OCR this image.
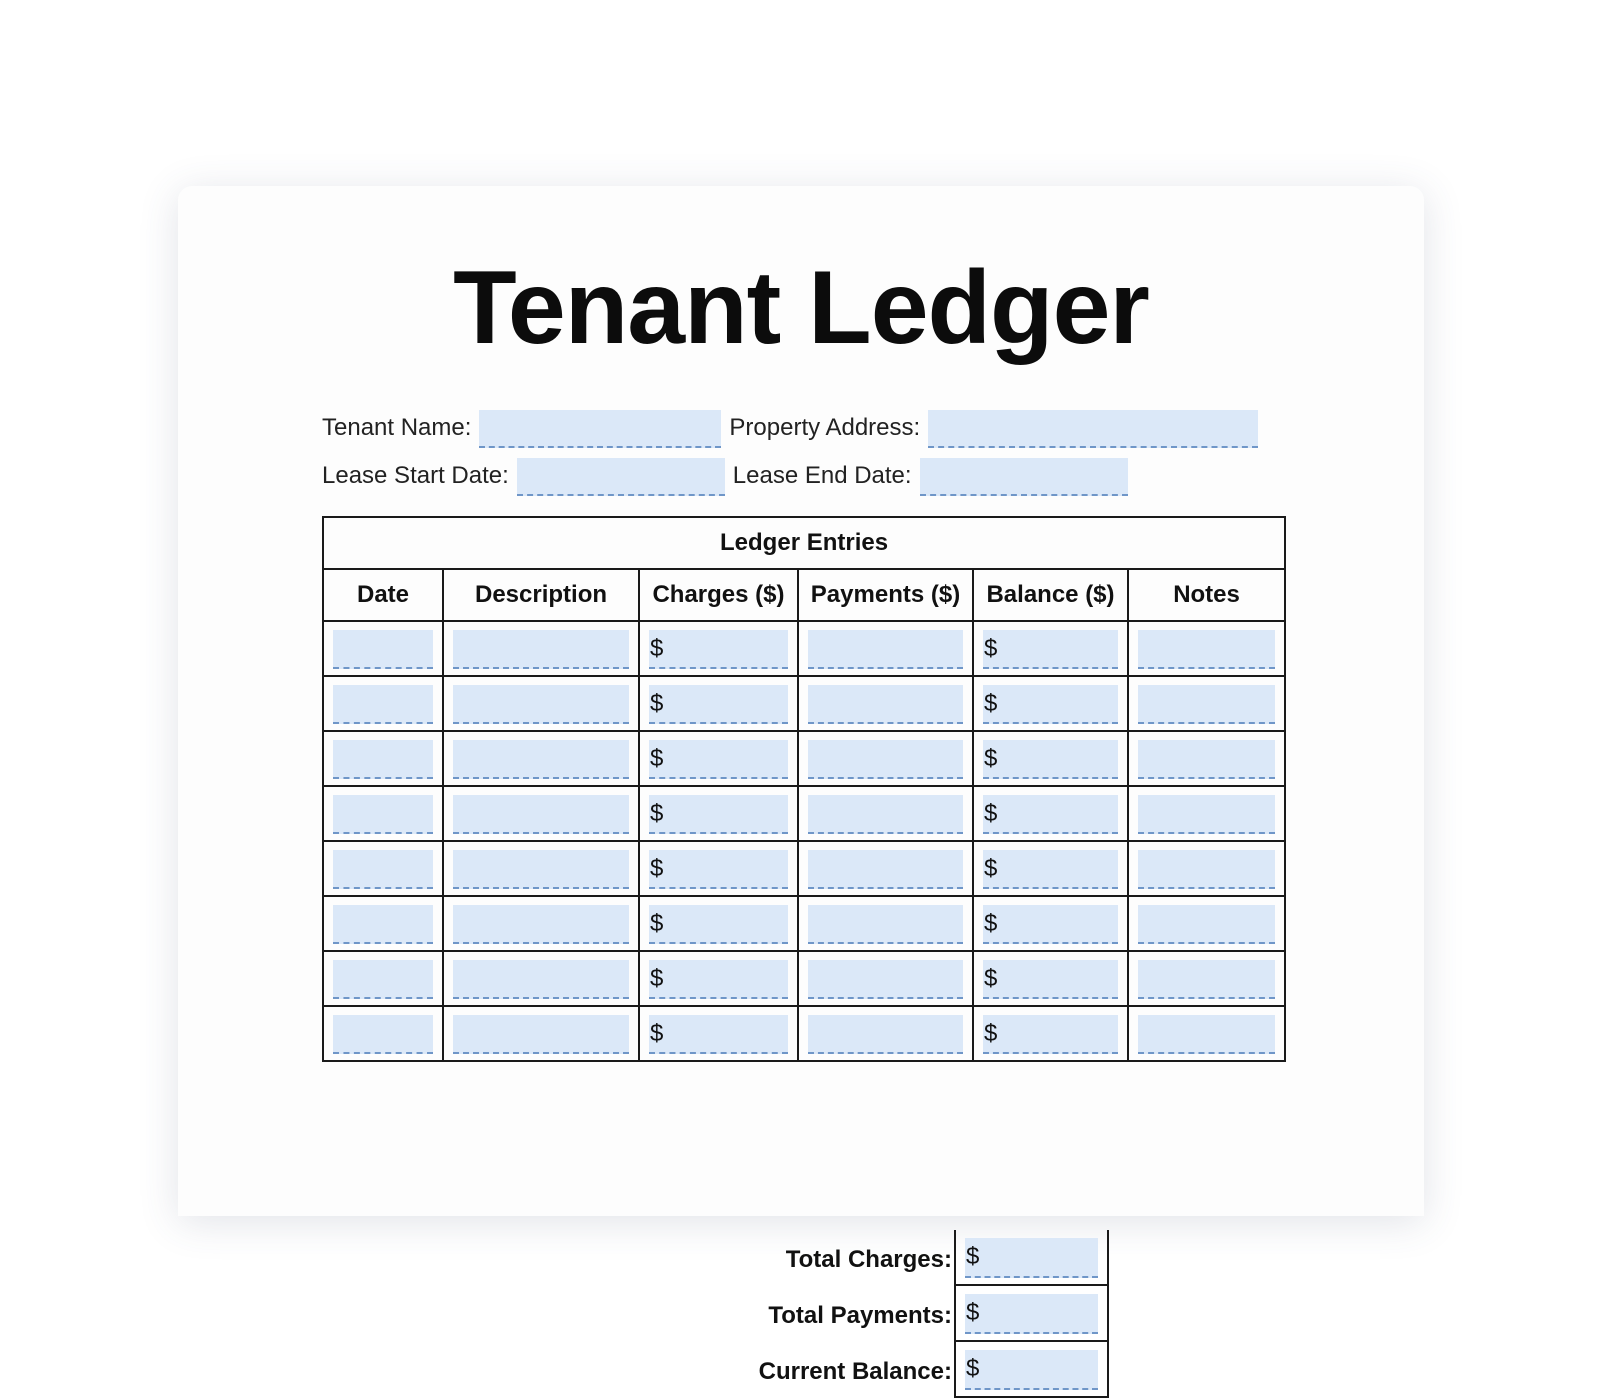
Tenant Ledger
Tenant Name:	Property Address:
Lease Start Date:	Lease End Date:
Ledger Entries					
Date	Description	Charges ($)	Payments ($)	Balance ($)	Notes

		$		$	

		$		$	

		$		$	

		$		$	

		$		$	

		$		$	

		$		$	

		$		$	

Total Charges: $
Total Payments: $
Current Balance: $
